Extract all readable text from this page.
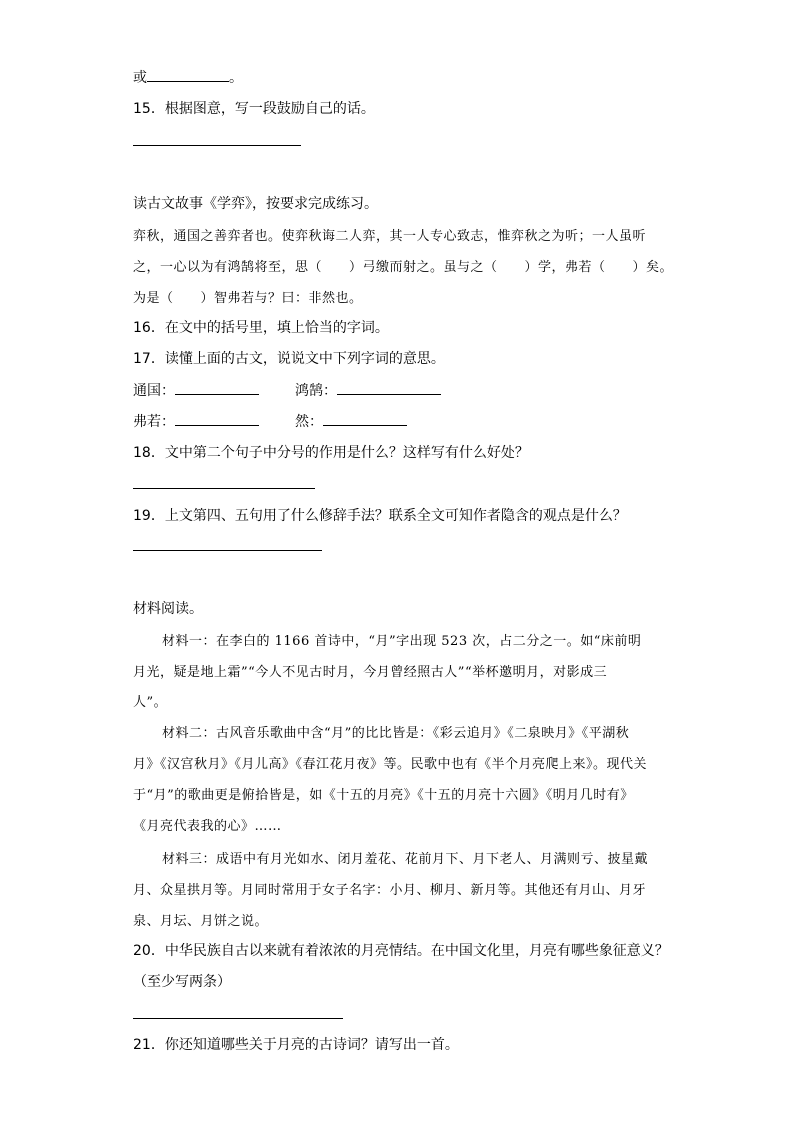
或	。
15．根据图意，写一段鼓励自己的话。
读古文故事《学弈》，按要求完成练习。
弈秋，通国之善弈者也。使弈秋诲二人弈，其一人专心致志，惟弈秋之为听；一人虽听
之，一心以为有鸿鹄将至，思（　　）弓缴而射之。虽与之（　　）学，弗若（　　）矣。
为是（　　）智弗若与？曰：非然也。
16．在文中的括号里，填上恰当的字词。
17．读懂上面的古文，说说文中下列字词的意思。
通国：	鸿鹄：
弗若：	然：
18．文中第二个句子中分号的作用是什么？这样写有什么好处？
19．上文第四、五句用了什么修辞手法？联系全文可知作者隐含的观点是什么？
材料阅读。
材料一：在李白的 1166 首诗中，“月”字出现 523 次，占二分之一。如“床前明
月光，疑是地上霜”“今人不见古时月，今月曾经照古人”“举杯邀明月，对影成三
人”。
材料二：古风音乐歌曲中含“月”的比比皆是：《彩云追月》《二泉映月》《平湖秋
月》《汉宫秋月》《月儿高》《春江花月夜》等。民歌中也有《半个月亮爬上来》。现代关
于“月”的歌曲更是俯拾皆是，如《十五的月亮》《十五的月亮十六圆》《明月几时有》
《月亮代表我的心》……
材料三：成语中有月光如水、闭月羞花、花前月下、月下老人、月满则亏、披星戴
月、众星拱月等。月同时常用于女子名字：小月、柳月、新月等。其他还有月山、月牙
泉、月坛、月饼之说。
20．中华民族自古以来就有着浓浓的月亮情结。在中国文化里，月亮有哪些象征意义？
（至少写两条）
21．你还知道哪些关于月亮的古诗词？请写出一首。
